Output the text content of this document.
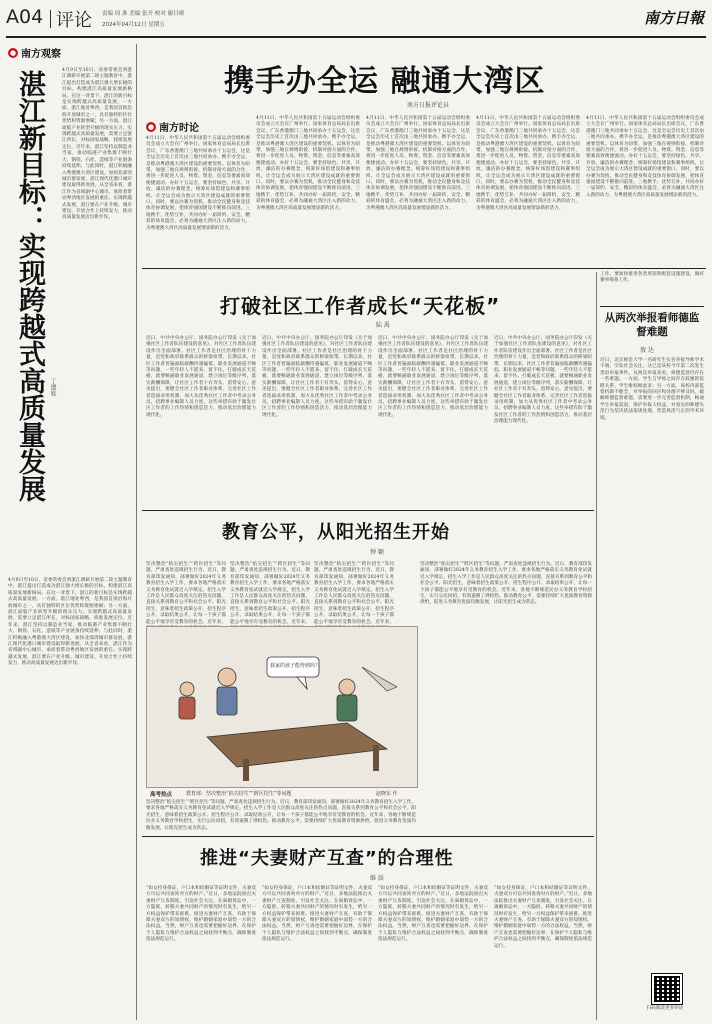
A04 评论 责编 周 准 美编 张开 校对 谢日晴
2024年04月12日 星期五	南方日報
● 南方观察
湛江新目标：实现跨越式高质量发展 丁建庭
4月9日至10日，省委常委会到湛江调研开展第二轮主题教育中，湛江提出打造成为湛江强大增长极的目标，构建湛江高质量发展新格局。在这一背景下，湛江的新目标是实现跨越式高质量发展。一方面，湛江地处粤西，是我国首批沿海开放城市之一，具有独特的区位优势和资源禀赋；另一方面，湛江面临产业转型升级的现实压力。实现跨越式高质量发展，需要立足湛江所长，对标国家战略，找准发展定位。近年来，湛江坚持以制造业当家，推动临港产业集群不断壮大，钢铁、石化、造纸等产业链条持续延伸。与此同时，湛江积极融入粤港澳大湾区建设，加快北部湾城市群发展，湛江现代化港口城市建设取得新进展。从全省来看，湛江作为省域副中心城市，承担着带动粤西地区发展的重任。实现跨越式发展，湛江要在产业升级、城市建设、开放合作上持续发力，推动高质量发展迈出新步伐。
4月9日至10日，省委常委会到湛江调研开展第二轮主题教育中，湛江提出打造成为湛江强大增长极的目标，构建湛江高质量发展新格局。在这一背景下，湛江的新目标是实现跨越式高质量发展。一方面，湛江地处粤西，是我国首批沿海开放城市之一，具有独特的区位优势和资源禀赋；另一方面，湛江面临产业转型升级的现实压力。实现跨越式高质量发展，需要立足湛江所长，对标国家战略，找准发展定位。近年来，湛江坚持以制造业当家，推动临港产业集群不断壮大，钢铁、石化、造纸等产业链条持续延伸。与此同时，湛江积极融入粤港澳大湾区建设，加快北部湾城市群发展，湛江现代化港口城市建设取得新进展。从全省来看，湛江作为省域副中心城市，承担着带动粤西地区发展的重任。实现跨越式发展，湛江要在产业升级、城市建设、开放合作上持续发力，推动高质量发展迈出新步伐。
携手办全运 融通大湾区
南方日报评论员
● 南方时论
4月11日，中华人民共和国第十五届运动会组织委员会成立大会在广州举行。国家体育总局局长出席会议，广东香港澳门三地共同承办十五运会，这是全运会历史上首次由三地共同承办。携手办全运，是推动粤港澳大湾区建设的重要契机。以体育为纽带，加强三地在规则衔接、机制对接方面的合作，将进一步促进人员、物资、资金、信息等要素高效便捷流动。办好十五运会，要坚持绿色、共享、开放、廉洁的办赛理念，统筹好场馆建设和赛事组织，让全运会成为展示大湾区建设成就的重要窗口。同时，要以办赛为契机，推动全民健身和竞技体育协调发展，把体育强国建设不断推向前进。三地携手，优势互补，共同办好一届简约、安全、精彩的体育盛会，必将为融通大湾区注入新的动力，为粤港澳大湾区高质量发展增添新的活力。
4月11日，中华人民共和国第十五届运动会组织委员会成立大会在广州举行。国家体育总局局长出席会议，广东香港澳门三地共同承办十五运会，这是全运会历史上首次由三地共同承办。携手办全运，是推动粤港澳大湾区建设的重要契机。以体育为纽带，加强三地在规则衔接、机制对接方面的合作，将进一步促进人员、物资、资金、信息等要素高效便捷流动。办好十五运会，要坚持绿色、共享、开放、廉洁的办赛理念，统筹好场馆建设和赛事组织，让全运会成为展示大湾区建设成就的重要窗口。同时，要以办赛为契机，推动全民健身和竞技体育协调发展，把体育强国建设不断推向前进。三地携手，优势互补，共同办好一届简约、安全、精彩的体育盛会，必将为融通大湾区注入新的动力，为粤港澳大湾区高质量发展增添新的活力。
4月11日，中华人民共和国第十五届运动会组织委员会成立大会在广州举行。国家体育总局局长出席会议，广东香港澳门三地共同承办十五运会，这是全运会历史上首次由三地共同承办。携手办全运，是推动粤港澳大湾区建设的重要契机。以体育为纽带，加强三地在规则衔接、机制对接方面的合作，将进一步促进人员、物资、资金、信息等要素高效便捷流动。办好十五运会，要坚持绿色、共享、开放、廉洁的办赛理念，统筹好场馆建设和赛事组织，让全运会成为展示大湾区建设成就的重要窗口。同时，要以办赛为契机，推动全民健身和竞技体育协调发展，把体育强国建设不断推向前进。三地携手，优势互补，共同办好一届简约、安全、精彩的体育盛会，必将为融通大湾区注入新的动力，为粤港澳大湾区高质量发展增添新的活力。
4月11日，中华人民共和国第十五届运动会组织委员会成立大会在广州举行。国家体育总局局长出席会议，广东香港澳门三地共同承办十五运会，这是全运会历史上首次由三地共同承办。携手办全运，是推动粤港澳大湾区建设的重要契机。以体育为纽带，加强三地在规则衔接、机制对接方面的合作，将进一步促进人员、物资、资金、信息等要素高效便捷流动。办好十五运会，要坚持绿色、共享、开放、廉洁的办赛理念，统筹好场馆建设和赛事组织，让全运会成为展示大湾区建设成就的重要窗口。同时，要以办赛为契机，推动全民健身和竞技体育协调发展，把体育强国建设不断推向前进。三地携手，优势互补，共同办好一届简约、安全、精彩的体育盛会，必将为融通大湾区注入新的动力，为粤港澳大湾区高质量发展增添新的活力。
4月11日，中华人民共和国第十五届运动会组织委员会成立大会在广州举行。国家体育总局局长出席会议，广东香港澳门三地共同承办十五运会，这是全运会历史上首次由三地共同承办。携手办全运，是推动粤港澳大湾区建设的重要契机。以体育为纽带，加强三地在规则衔接、机制对接方面的合作，将进一步促进人员、物资、资金、信息等要素高效便捷流动。办好十五运会，要坚持绿色、共享、开放、廉洁的办赛理念，统筹好场馆建设和赛事组织，让全运会成为展示大湾区建设成就的重要窗口。同时，要以办赛为契机，推动全民健身和竞技体育协调发展，把体育强国建设不断推向前进。三地携手，优势互补，共同办好一届简约、安全、精彩的体育盛会，必将为融通大湾区注入新的动力，为粤港澳大湾区高质量发展增添新的活力。
打破社区工作者成长“天花板”
陆 禹
近日，中共中央办公厅、国务院办公厅印发《关于加强社区工作者队伍建设的意见》，对社区工作者队伍建设作出全面部署。社区工作者是社区治理的骨干力量，是党和政府联系群众的桥梁纽带。长期以来，社区工作者普遍面临薪酬待遇偏低、职业发展通道不畅等问题，一些年轻人不愿来、留不住。打破成长天花板，就要畅通职业发展通道，建立岗位等级序列，落实薪酬保障，让社区工作者干有奔头、留得安心。意见提出，要健全社区工作者职业体系，完善社区工作者选拔录用机制，加大从优秀社区工作者中考录公务员、招聘事业编制人员力度。这些举措有助于激发社区工作者的工作热情和创造活力，推动基层治理能力现代化。
近日，中共中央办公厅、国务院办公厅印发《关于加强社区工作者队伍建设的意见》，对社区工作者队伍建设作出全面部署。社区工作者是社区治理的骨干力量，是党和政府联系群众的桥梁纽带。长期以来，社区工作者普遍面临薪酬待遇偏低、职业发展通道不畅等问题，一些年轻人不愿来、留不住。打破成长天花板，就要畅通职业发展通道，建立岗位等级序列，落实薪酬保障，让社区工作者干有奔头、留得安心。意见提出，要健全社区工作者职业体系，完善社区工作者选拔录用机制，加大从优秀社区工作者中考录公务员、招聘事业编制人员力度。这些举措有助于激发社区工作者的工作热情和创造活力，推动基层治理能力现代化。
近日，中共中央办公厅、国务院办公厅印发《关于加强社区工作者队伍建设的意见》，对社区工作者队伍建设作出全面部署。社区工作者是社区治理的骨干力量，是党和政府联系群众的桥梁纽带。长期以来，社区工作者普遍面临薪酬待遇偏低、职业发展通道不畅等问题，一些年轻人不愿来、留不住。打破成长天花板，就要畅通职业发展通道，建立岗位等级序列，落实薪酬保障，让社区工作者干有奔头、留得安心。意见提出，要健全社区工作者职业体系，完善社区工作者选拔录用机制，加大从优秀社区工作者中考录公务员、招聘事业编制人员力度。这些举措有助于激发社区工作者的工作热情和创造活力，推动基层治理能力现代化。
近日，中共中央办公厅、国务院办公厅印发《关于加强社区工作者队伍建设的意见》，对社区工作者队伍建设作出全面部署。社区工作者是社区治理的骨干力量，是党和政府联系群众的桥梁纽带。长期以来，社区工作者普遍面临薪酬待遇偏低、职业发展通道不畅等问题，一些年轻人不愿来、留不住。打破成长天花板，就要畅通职业发展通道，建立岗位等级序列，落实薪酬保障，让社区工作者干有奔头、留得安心。意见提出，要健全社区工作者职业体系，完善社区工作者选拔录用机制，加大从优秀社区工作者中考录公务员、招聘事业编制人员力度。这些举措有助于激发社区工作者的工作热情和创造活力，推动基层治理能力现代化。
工作。要加快推进各类场馆和配套设施建设，做好赛事筹备工作。
从两次举报看师德监督难题
敖 达
近日，北京师范大学一名研究生实名举报导师学术不端，引发社会关注。这已是该校今年第二次发生类似举报事件。从两次举报来看，师德监督仍存在一些难题。一方面，学生与导师之间存在较强的依附关系，学生维权顾虑多；另一方面，高校内部监督机制不健全，对举报的回应和处理不够及时。破解师德监督难题，需要进一步完善监督机制，畅通学生举报渠道，保护举报人权益，对查实的师德失范行为坚决依法依规处理，营造风清气正的学术环境。
扫码阅读更多评论
教育公平，从阳光招生开始
钟 颖
坚决整治“掐尖招生”“跨区招生”等问题，严肃查处违规招生行为。近日，教育部印发通知，部署做好2024年义务教育招生入学工作，要求各地严格落实义务教育免试就近入学规定。招生入学工作是人民群众高度关注的热点问题，直接关系到教育公平和社会公平。阳光招生，意味着招生政策公开、招生程序公开、录取结果公开，让每一个孩子都能公平地享有受教育的机会。近年来，
坚决整治“掐尖招生”“跨区招生”等问题，严肃查处违规招生行为。近日，教育部印发通知，部署做好2024年义务教育招生入学工作，要求各地严格落实义务教育免试就近入学规定。招生入学工作是人民群众高度关注的热点问题，直接关系到教育公平和社会公平。阳光招生，意味着招生政策公开、招生程序公开、录取结果公开，让每一个孩子都能公平地享有受教育的机会。近年来，
坚决整治“掐尖招生”“跨区招生”等问题，严肃查处违规招生行为。近日，教育部印发通知，部署做好2024年义务教育招生入学工作，要求各地严格落实义务教育免试就近入学规定。招生入学工作是人民群众高度关注的热点问题，直接关系到教育公平和社会公平。阳光招生，意味着招生政策公开、招生程序公开、录取结果公开，让每一个孩子都能公平地享有受教育的机会。近年来，
坚决整治“掐尖招生”“跨区招生”等问题，严肃查处违规招生行为。近日，教育部印发通知，部署做好2024年义务教育招生入学工作，要求各地严格落实义务教育免试就近入学规定。招生入学工作是人民群众高度关注的热点问题，直接关系到教育公平和社会公平。阳光招生，意味着招生政策公开、招生程序公开、录取结果公开，让每一个孩子都能公平地享有受教育的机会。近年来，各地不断规范民办义务教育学校招生，实行公民同招，有效遏制了择校热。推动教育公平，需要持续扩大优质教育资源供给，促进义务教育优质均衡发展，让阳光招生成为常态。
我家的孩子能得到吗？
高考热点	教育部：坚决整治“掐尖招生”“跨区招生”等问题	赵晓东 作
坚决整治“掐尖招生”“跨区招生”等问题，严肃查处违规招生行为。近日，教育部印发通知，部署做好2024年义务教育招生入学工作，要求各地严格落实义务教育免试就近入学规定。招生入学工作是人民群众高度关注的热点问题，直接关系到教育公平和社会公平。阳光招生，意味着招生政策公开、招生程序公开、录取结果公开，让每一个孩子都能公平地享有受教育的机会。近年来，各地不断规范民办义务教育学校招生，实行公民同招，有效遏制了择校热。推动教育公平，需要持续扩大优质教育资源供给，促进义务教育优质均衡发展，让阳光招生成为常态。
推进“夫妻财产互查”的合理性
维 辰
“如女持身保证，户口本和结婚证等证明文件，夫妻双方可以共同查询对方的财产。”近日，多地法院推出夫妻财产互查制度，引发社会关注。在离婚诉讼中，一方隐匿、转移夫妻共同财产的情况时有发生，给另一方权益保护带来困难。推进夫妻财产互查，有助于保障夫妻双方的知情权，维护婚姻家庭中弱势一方的合法权益。当然，财产互查也需要把握好边界，在保护个人隐私与维护合法权益之间找到平衡点，确保制度依法规范运行。
“如女持身保证，户口本和结婚证等证明文件，夫妻双方可以共同查询对方的财产。”近日，多地法院推出夫妻财产互查制度，引发社会关注。在离婚诉讼中，一方隐匿、转移夫妻共同财产的情况时有发生，给另一方权益保护带来困难。推进夫妻财产互查，有助于保障夫妻双方的知情权，维护婚姻家庭中弱势一方的合法权益。当然，财产互查也需要把握好边界，在保护个人隐私与维护合法权益之间找到平衡点，确保制度依法规范运行。
“如女持身保证，户口本和结婚证等证明文件，夫妻双方可以共同查询对方的财产。”近日，多地法院推出夫妻财产互查制度，引发社会关注。在离婚诉讼中，一方隐匿、转移夫妻共同财产的情况时有发生，给另一方权益保护带来困难。推进夫妻财产互查，有助于保障夫妻双方的知情权，维护婚姻家庭中弱势一方的合法权益。当然，财产互查也需要把握好边界，在保护个人隐私与维护合法权益之间找到平衡点，确保制度依法规范运行。
“如女持身保证，户口本和结婚证等证明文件，夫妻双方可以共同查询对方的财产。”近日，多地法院推出夫妻财产互查制度，引发社会关注。在离婚诉讼中，一方隐匿、转移夫妻共同财产的情况时有发生，给另一方权益保护带来困难。推进夫妻财产互查，有助于保障夫妻双方的知情权，维护婚姻家庭中弱势一方的合法权益。当然，财产互查也需要把握好边界，在保护个人隐私与维护合法权益之间找到平衡点，确保制度依法规范运行。
